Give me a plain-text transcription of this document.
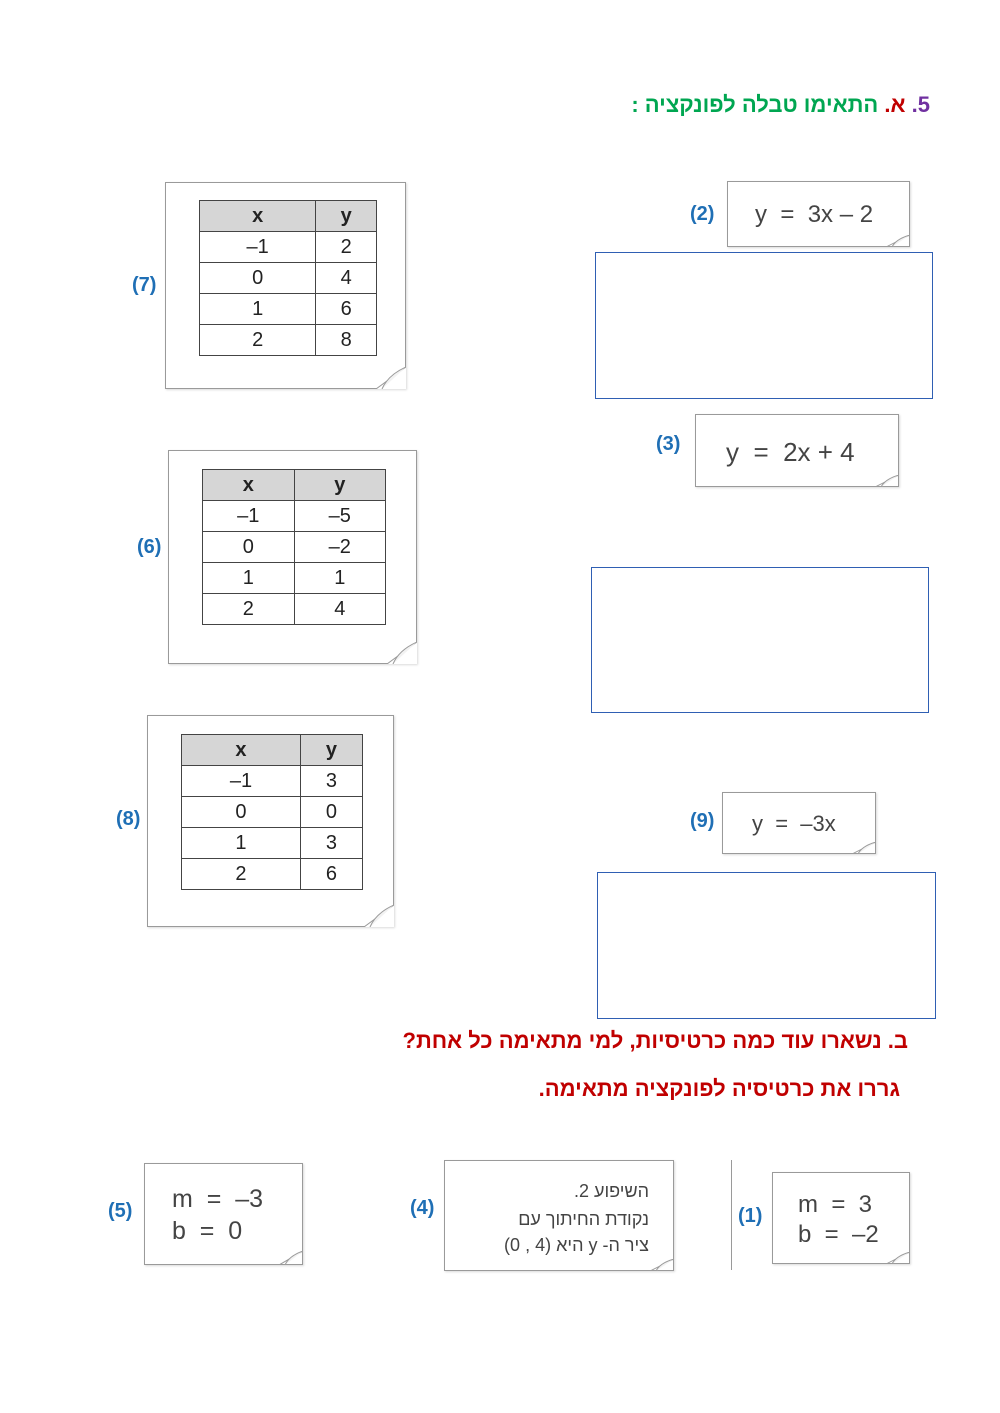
5. א. התאימו טבלה לפונקציה :
(7)
x	y
–1	2
0	4
1	6
2	8
(2) y  =  3x – 2
(3) y  =  2x + 4
(6)
x	y
–1	–5
0	–2
1	1
2	4
(8)
x	y
–1	3
0	0
1	3
2	6
(9) y  =  –3x
ב. נשארו עוד כמה כרטיסיות, למי מתאימה כל אחת?
גררו את כרטיסיה לפונקציה מתאימה.
(5) m  =  –3
b  =  0
(4)
השיפוע 2.
נקודת החיתוך עם
ציר ה- y היא (4 , 0)
(1) m  =  3
b  =  –2
